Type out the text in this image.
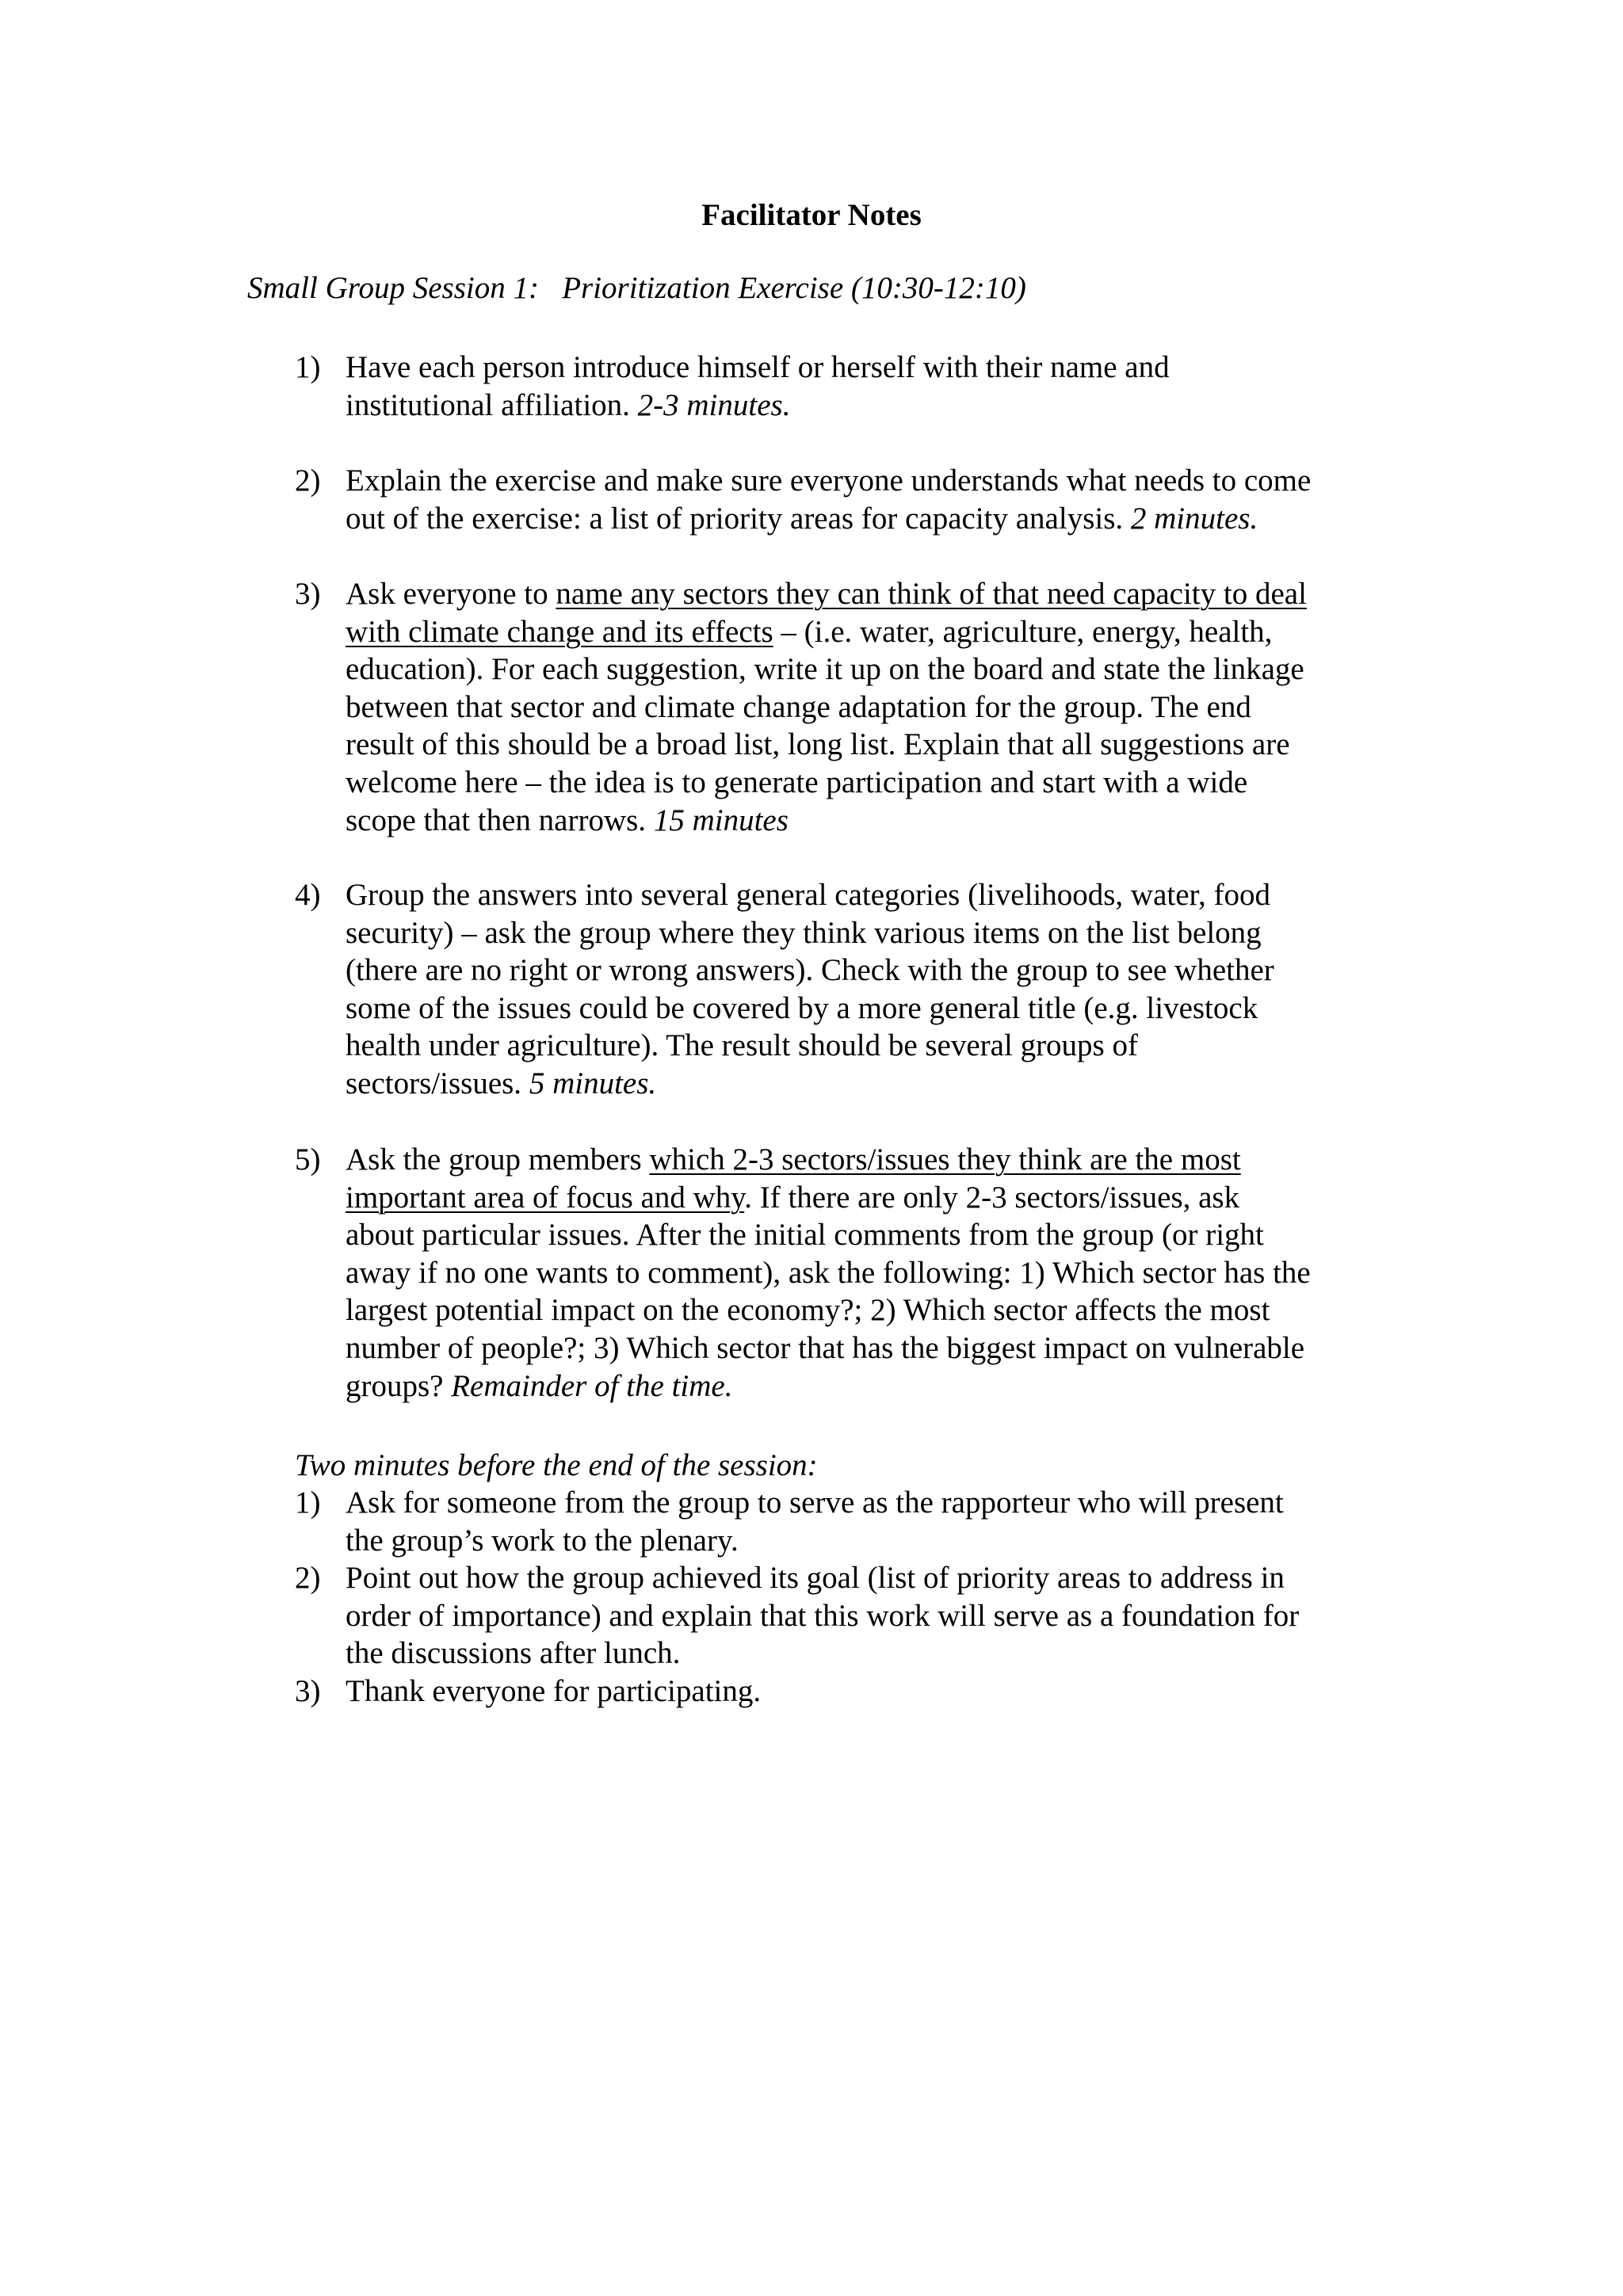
Facilitator Notes
Small Group Session 1:   Prioritization Exercise (10:30-12:10)
1) Have each person introduce himself or herself with their name and
institutional affiliation. 2-3 minutes.
2) Explain the exercise and make sure everyone understands what needs to come
out of the exercise: a list of priority areas for capacity analysis. 2 minutes.
3) Ask everyone to name any sectors they can think of that need capacity to deal
with climate change and its effects – (i.e. water, agriculture, energy, health,
education). For each suggestion, write it up on the board and state the linkage
between that sector and climate change adaptation for the group. The end
result of this should be a broad list, long list. Explain that all suggestions are
welcome here – the idea is to generate participation and start with a wide
scope that then narrows. 15 minutes
4) Group the answers into several general categories (livelihoods, water, food
security) – ask the group where they think various items on the list belong
(there are no right or wrong answers). Check with the group to see whether
some of the issues could be covered by a more general title (e.g. livestock
health under agriculture). The result should be several groups of
sectors/issues. 5 minutes.
5) Ask the group members which 2-3 sectors/issues they think are the most
important area of focus and why. If there are only 2-3 sectors/issues, ask
about particular issues. After the initial comments from the group (or right
away if no one wants to comment), ask the following: 1) Which sector has the
largest potential impact on the economy?; 2) Which sector affects the most
number of people?; 3) Which sector that has the biggest impact on vulnerable
groups? Remainder of the time.
Two minutes before the end of the session:
1) Ask for someone from the group to serve as the rapporteur who will present
the group’s work to the plenary.
2) Point out how the group achieved its goal (list of priority areas to address in
order of importance) and explain that this work will serve as a foundation for
the discussions after lunch.
3) Thank everyone for participating.
